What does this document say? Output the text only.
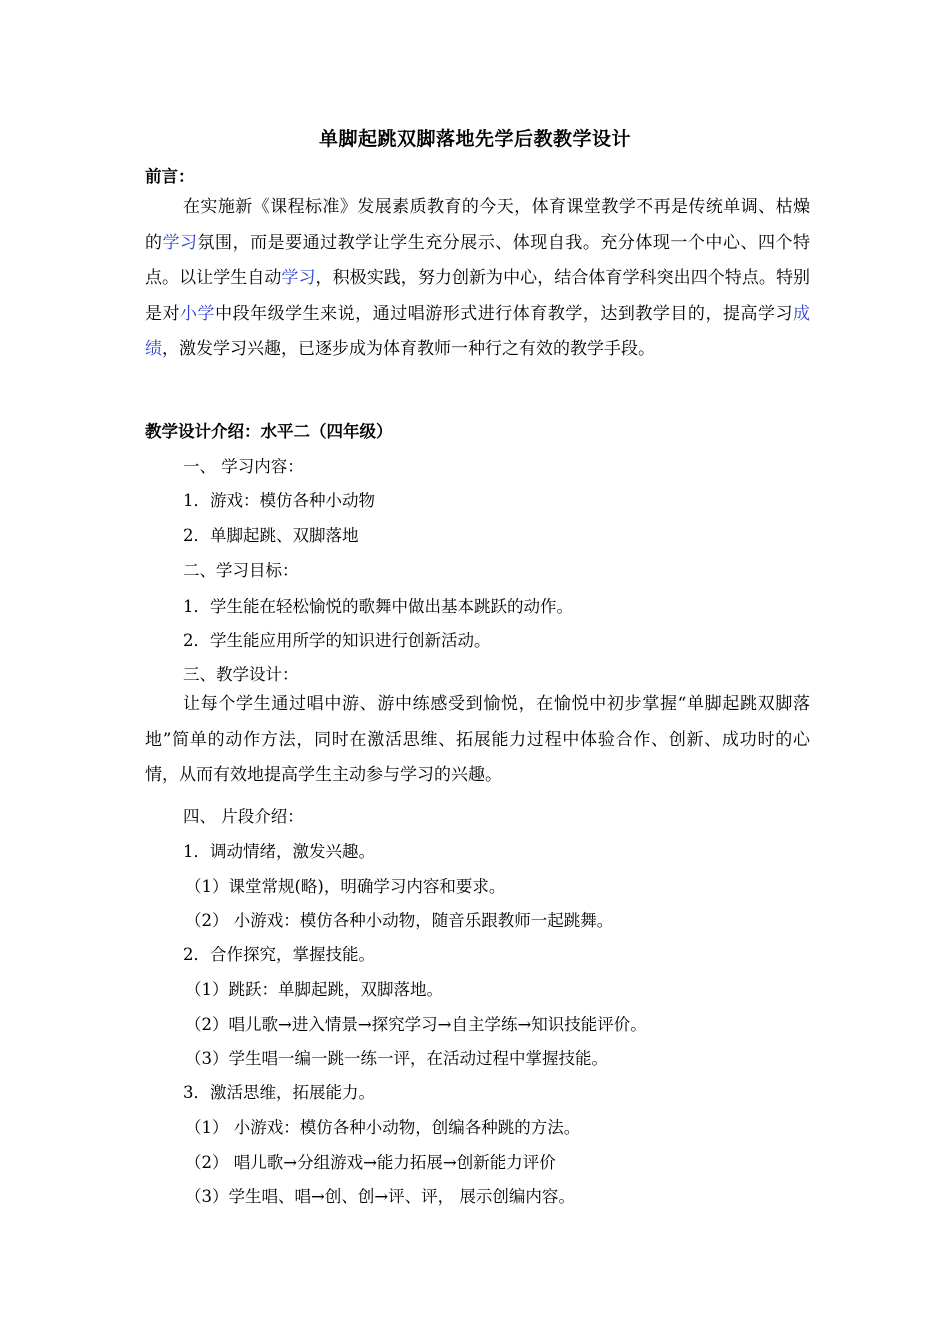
单脚起跳双脚落地先学后教教学设计
前言：
在实施新《课程标准》发展素质教育的今天，体育课堂教学不再是传统单调、枯燥的学习氛围，而是要通过教学让学生充分展示、体现自我。充分体现一个中心、四个特点。以让学生自动学习，积极实践，努力创新为中心，结合体育学科突出四个特点。特别是对小学中段年级学生来说，通过唱游形式进行体育教学，达到教学目的，提高学习成绩，激发学习兴趣，已逐步成为体育教师一种行之有效的教学手段。
教学设计介绍：水平二（四年级）
一、 学习内容：
1．游戏：模仿各种小动物
2．单脚起跳、双脚落地
二、学习目标：
1．学生能在轻松愉悦的歌舞中做出基本跳跃的动作。
2．学生能应用所学的知识进行创新活动。
三、教学设计：
让每个学生通过唱中游、游中练感受到愉悦，在愉悦中初步掌握“单脚起跳双脚落地”简单的动作方法，同时在激活思维、拓展能力过程中体验合作、创新、成功时的心情，从而有效地提高学生主动参与学习的兴趣。
四、 片段介绍：
1．调动情绪，激发兴趣。
（1）课堂常规(略)，明确学习内容和要求。
（2） 小游戏：模仿各种小动物，随音乐跟教师一起跳舞。
2．合作探究，掌握技能。
（1）跳跃：单脚起跳，双脚落地。
（2）唱儿歌→进入情景→探究学习→自主学练→知识技能评价。
（3）学生唱一编一跳一练一评，在活动过程中掌握技能。
3．激活思维，拓展能力。
（1） 小游戏：模仿各种小动物，创编各种跳的方法。
（2） 唱儿歌→分组游戏→能力拓展→创新能力评价
（3）学生唱、唱→创、创→评、评， 展示创编内容。
